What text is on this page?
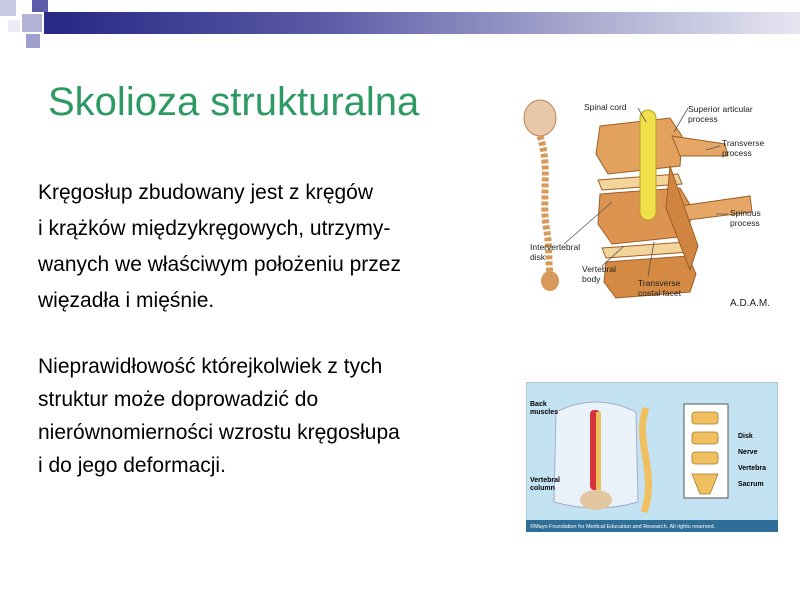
Skolioza strukturalna

Kręgosłup zbudowany jest z kręgów
i krążków międzykręgowych, utrzymy-
wanych we właściwym położeniu przez
więzadła i mięśnie.

Nieprawidłowość którejkolwiek z tych
struktur może doprowadzić do
nierównomierności wzrostu kręgosłupa
i do jego deformacji.

Spinal cord	Superior articular
process
Transverse
process
Spinous
process
Intervertebral
disk
Vertebral
body	Transverse
costal facet
A.D.A.M.
Back
muscles
Vertebral
column
Disk
Nerve
Vertebra
Sacrum
©Mayo Foundation for Medical Education and Research. All rights reserved.
